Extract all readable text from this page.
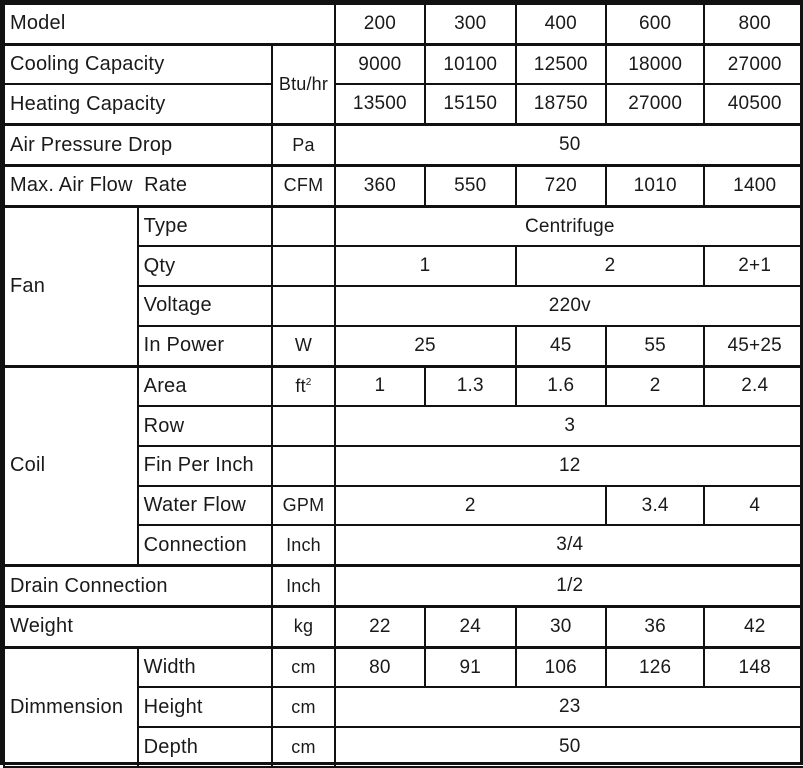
Model			200	300	400	600	800
Cooling Capacity		Btu/hr	9000	10100	12500	18000	27000
Heating Capacity			13500	15150	18750	27000	40500
Air Pressure Drop		Pa	50				
Max. Air Flow  Rate		CFM	360	550	720	1010	1400
Fan	Type		Centrifuge				
	Qty		1		2		2+1
	Voltage		220v				
	In Power	W	25		45	55	45+25
Coil	Area	$ft^2$	1	1.3	1.6	2	2.4
	Row		3				
	Fin Per Inch		12				
	Water Flow	GPM	2			3.4	4
	Connection	Inch	3/4				
Drain Connection		Inch	1/2				
Weight		kg	22	24	30	36	42
Dimmension	Width	cm	80	91	106	126	148
	Height	cm	23				
	Depth	cm	50				
